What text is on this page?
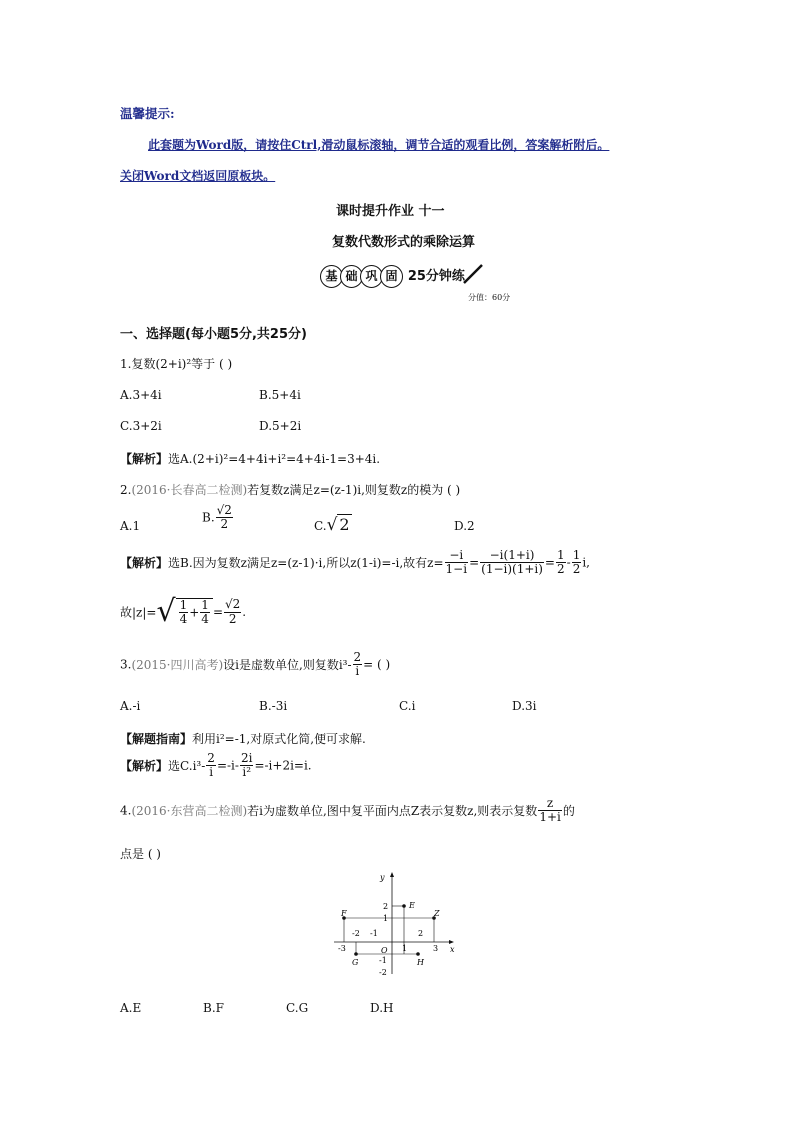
温馨提示:
此套题为Word版，请按住Ctrl,滑动鼠标滚轴，调节合适的观看比例，答案解析附后。
关闭Word文档返回原板块。
课时提升作业 十一
复数代数形式的乘除运算
基 础 巩 固 25分钟练
分值：60分
一、选择题(每小题5分,共25分)
1.复数(2+i)²等于 ( )
A.3+4i	B.5+4i
C.3+2i	D.5+2i
【解析】选A.(2+i)²=4+4i+i²=4+4i-1=3+4i.
2.(2016·长春高二检测)若复数z满足z=(z-1)i,则复数z的模为 ( )
A.1
B. $\frac{√2}{2}$	C.√ 2	D.2
【解析】选B.因为复数z满足z=(z-1)·i,所以z(1-i)=-i,故有$z= \frac{-i}{1-i} = \frac{-i(1+i)}{(1-i)(1+i)} = \frac{1}{2} - \frac{1}{2} i$,
故$|z|=√ \frac{1}{4} + \frac{1}{4} = \frac{√2}{2}$ .
3.(2015·四川高考)设i是虚数单位,则复数$i^3- \frac{2}{i}$ = ( )
A.-i	B.-3i	C.i	D.3i
【解题指南】利用i²=-1,对原式化简,便可求解.
【解析】选$C.i^3- \frac{2}{i} =-i- \frac{2i}{\text{i²}} =-i+2i=i$.
4.(2016·东营高二检测)若i为虚数单位,图中复平面内点Z表示复数z,则表示复数 $\frac{z}{1+i}$ 的
点是 ( )
x
y
O
E
F
G	H
Z
-3
-2 -1
1
2
3
2
1
-1
-2
A.E	B.F	C.G	D.H
